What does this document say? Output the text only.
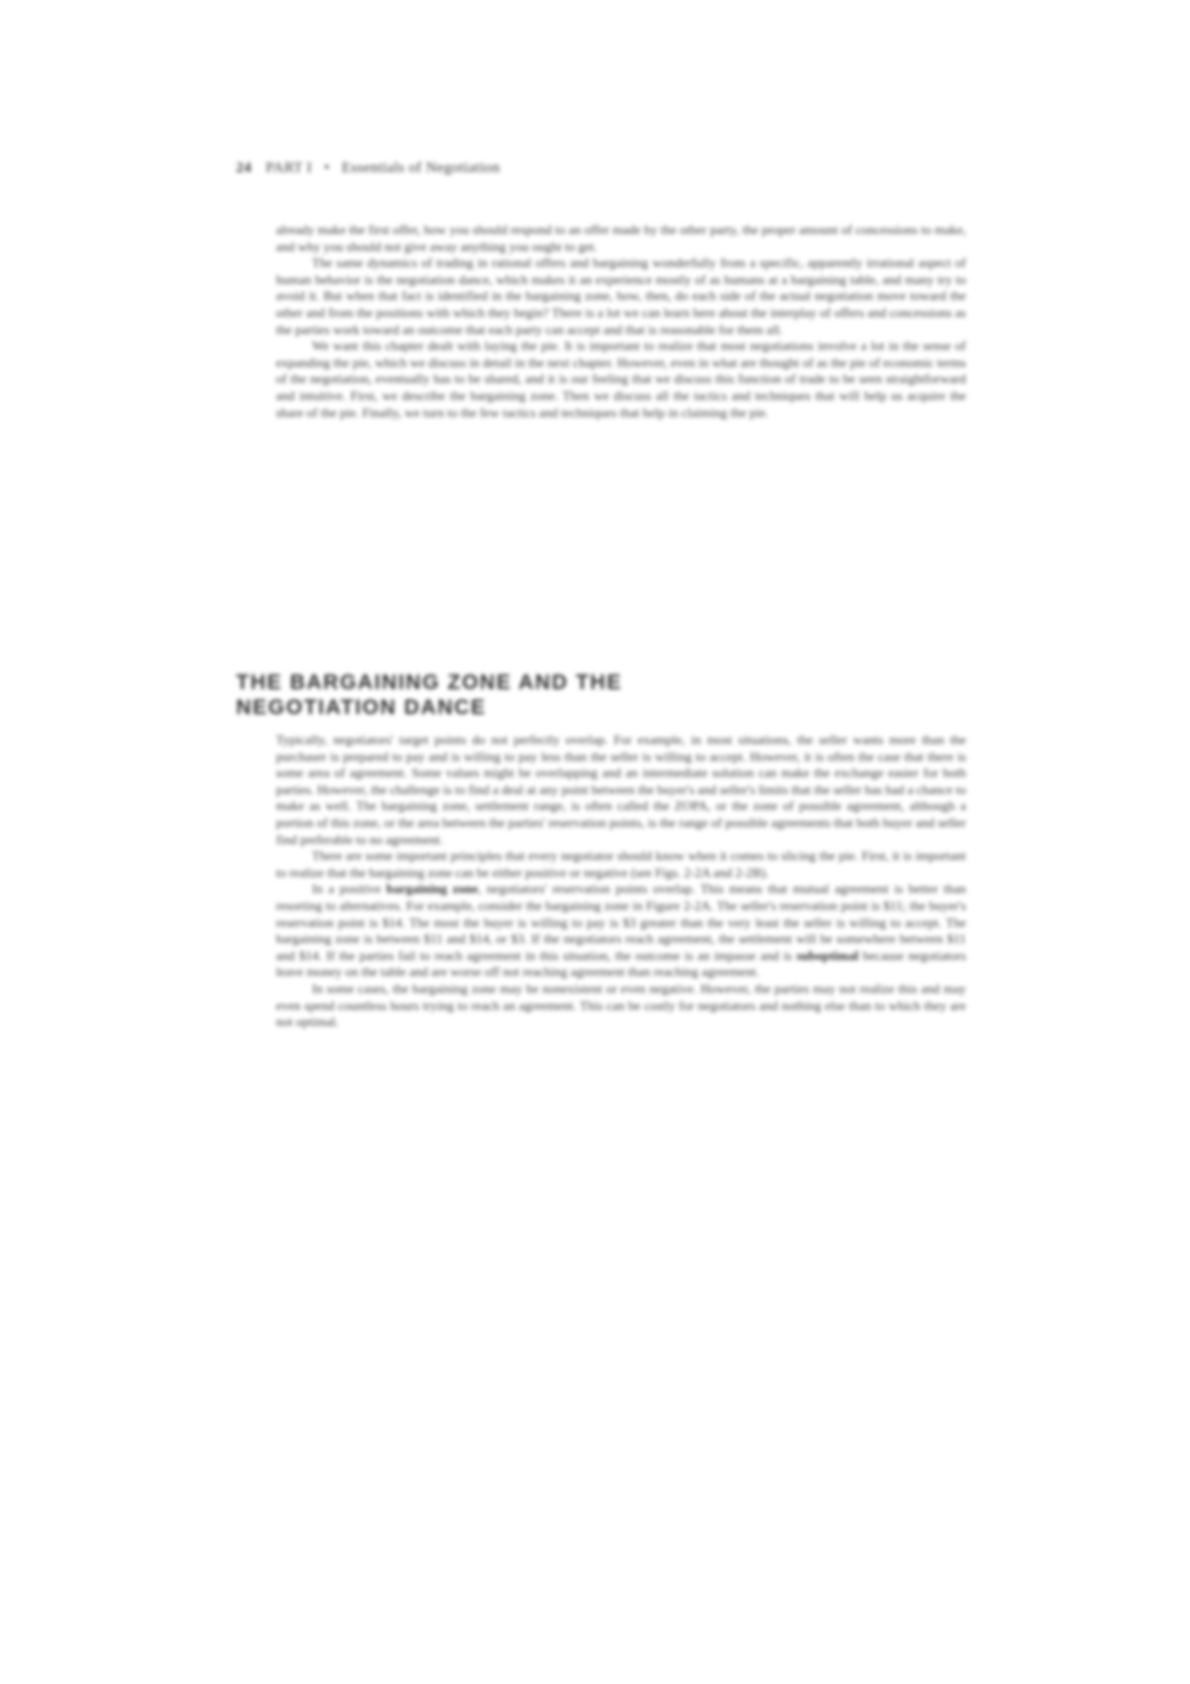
24 PART I • Essentials of Negotiation

already make the first offer, how you should respond to an offer made by the other party, the proper amount of concessions to make, and why you should not give away anything you ought to get.

The same dynamics of trading in rational offers and bargaining wonderfully from a specific, apparently irrational aspect of human behavior is the negotiation dance, which makes it an experience mostly of as humans at a bargaining table, and many try to avoid it. But when that fact is identified in the bargaining zone, how, then, do each side of the actual negotiation move toward the other and from the positions with which they begin? There is a lot we can learn here about the interplay of offers and concessions as the parties work toward an outcome that each party can accept and that is reasonable for them all.

We want this chapter dealt with laying the pie. It is important to realize that most negotiations involve a lot in the sense of expanding the pie, which we discuss in detail in the next chapter. However, even in what are thought of as the pie of economic terms of the negotiation, eventually has to be shared, and it is our feeling that we discuss this function of trade to be seen straightforward and intuitive. First, we describe the bargaining zone. Then we discuss all the tactics and techniques that will help us acquire the share of the pie. Finally, we turn to the few tactics and techniques that help in claiming the pie.

THE BARGAINING ZONE AND THE
NEGOTIATION DANCE

Typically, negotiators' target points do not perfectly overlap. For example, in most situations, the seller wants more than the purchaser is prepared to pay and is willing to pay less than the seller is willing to accept. However, it is often the case that there is some area of agreement. Some values might be overlapping and an intermediate solution can make the exchange easier for both parties. However, the challenge is to find a deal at any point between the buyer's and seller's limits that the seller has had a chance to make as well. The bargaining zone, settlement range, is often called the ZOPA, or the zone of possible agreement, although a portion of this zone, or the area between the parties' reservation points, is the range of possible agreements that both buyer and seller find preferable to no agreement.

There are some important principles that every negotiator should know when it comes to slicing the pie. First, it is important to realize that the bargaining zone can be either positive or negative (see Figs. 2-2A and 2-2B).

In a positive bargaining zone, negotiators' reservation points overlap. This means that mutual agreement is better than resorting to alternatives. For example, consider the bargaining zone in Figure 2-2A. The seller's reservation point is $11; the buyer's reservation point is $14. The most the buyer is willing to pay is $3 greater than the very least the seller is willing to accept. The bargaining zone is between $11 and $14, or $3. If the negotiators reach agreement, the settlement will be somewhere between $11 and $14. If the parties fail to reach agreement in this situation, the outcome is an impasse and is suboptimal because negotiators leave money on the table and are worse off not reaching agreement than reaching agreement.

In some cases, the bargaining zone may be nonexistent or even negative. However, the parties may not realize this and may even spend countless hours trying to reach an agreement. This can be costly for negotiators and nothing else than to which they are not optimal.
